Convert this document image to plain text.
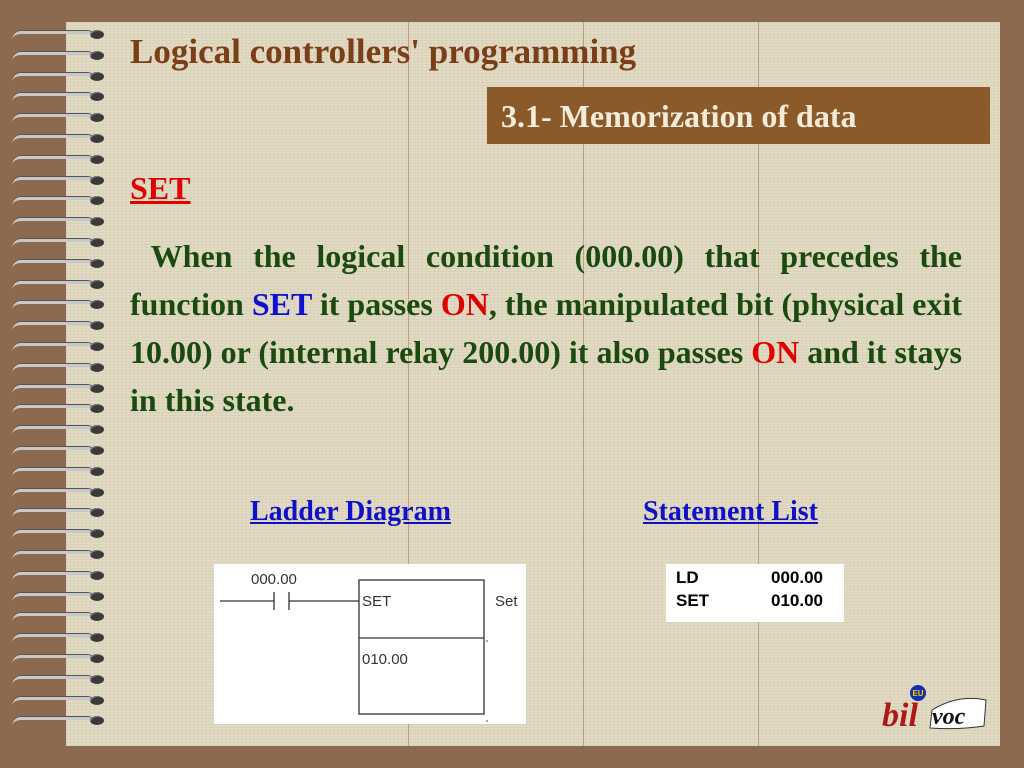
Logical controllers' programming
3.1- Memorization of data
SET

When the logical condition (000.00) that precedes the function SET it passes ON, the manipulated bit (physical exit 10.00) or (internal relay 200.00) it also passes ON and it stays in this state.

Ladder Diagram	Statement List
000.00
SET
010.00
Set
LD	000.00
SET	010.00
EU
bil voc
